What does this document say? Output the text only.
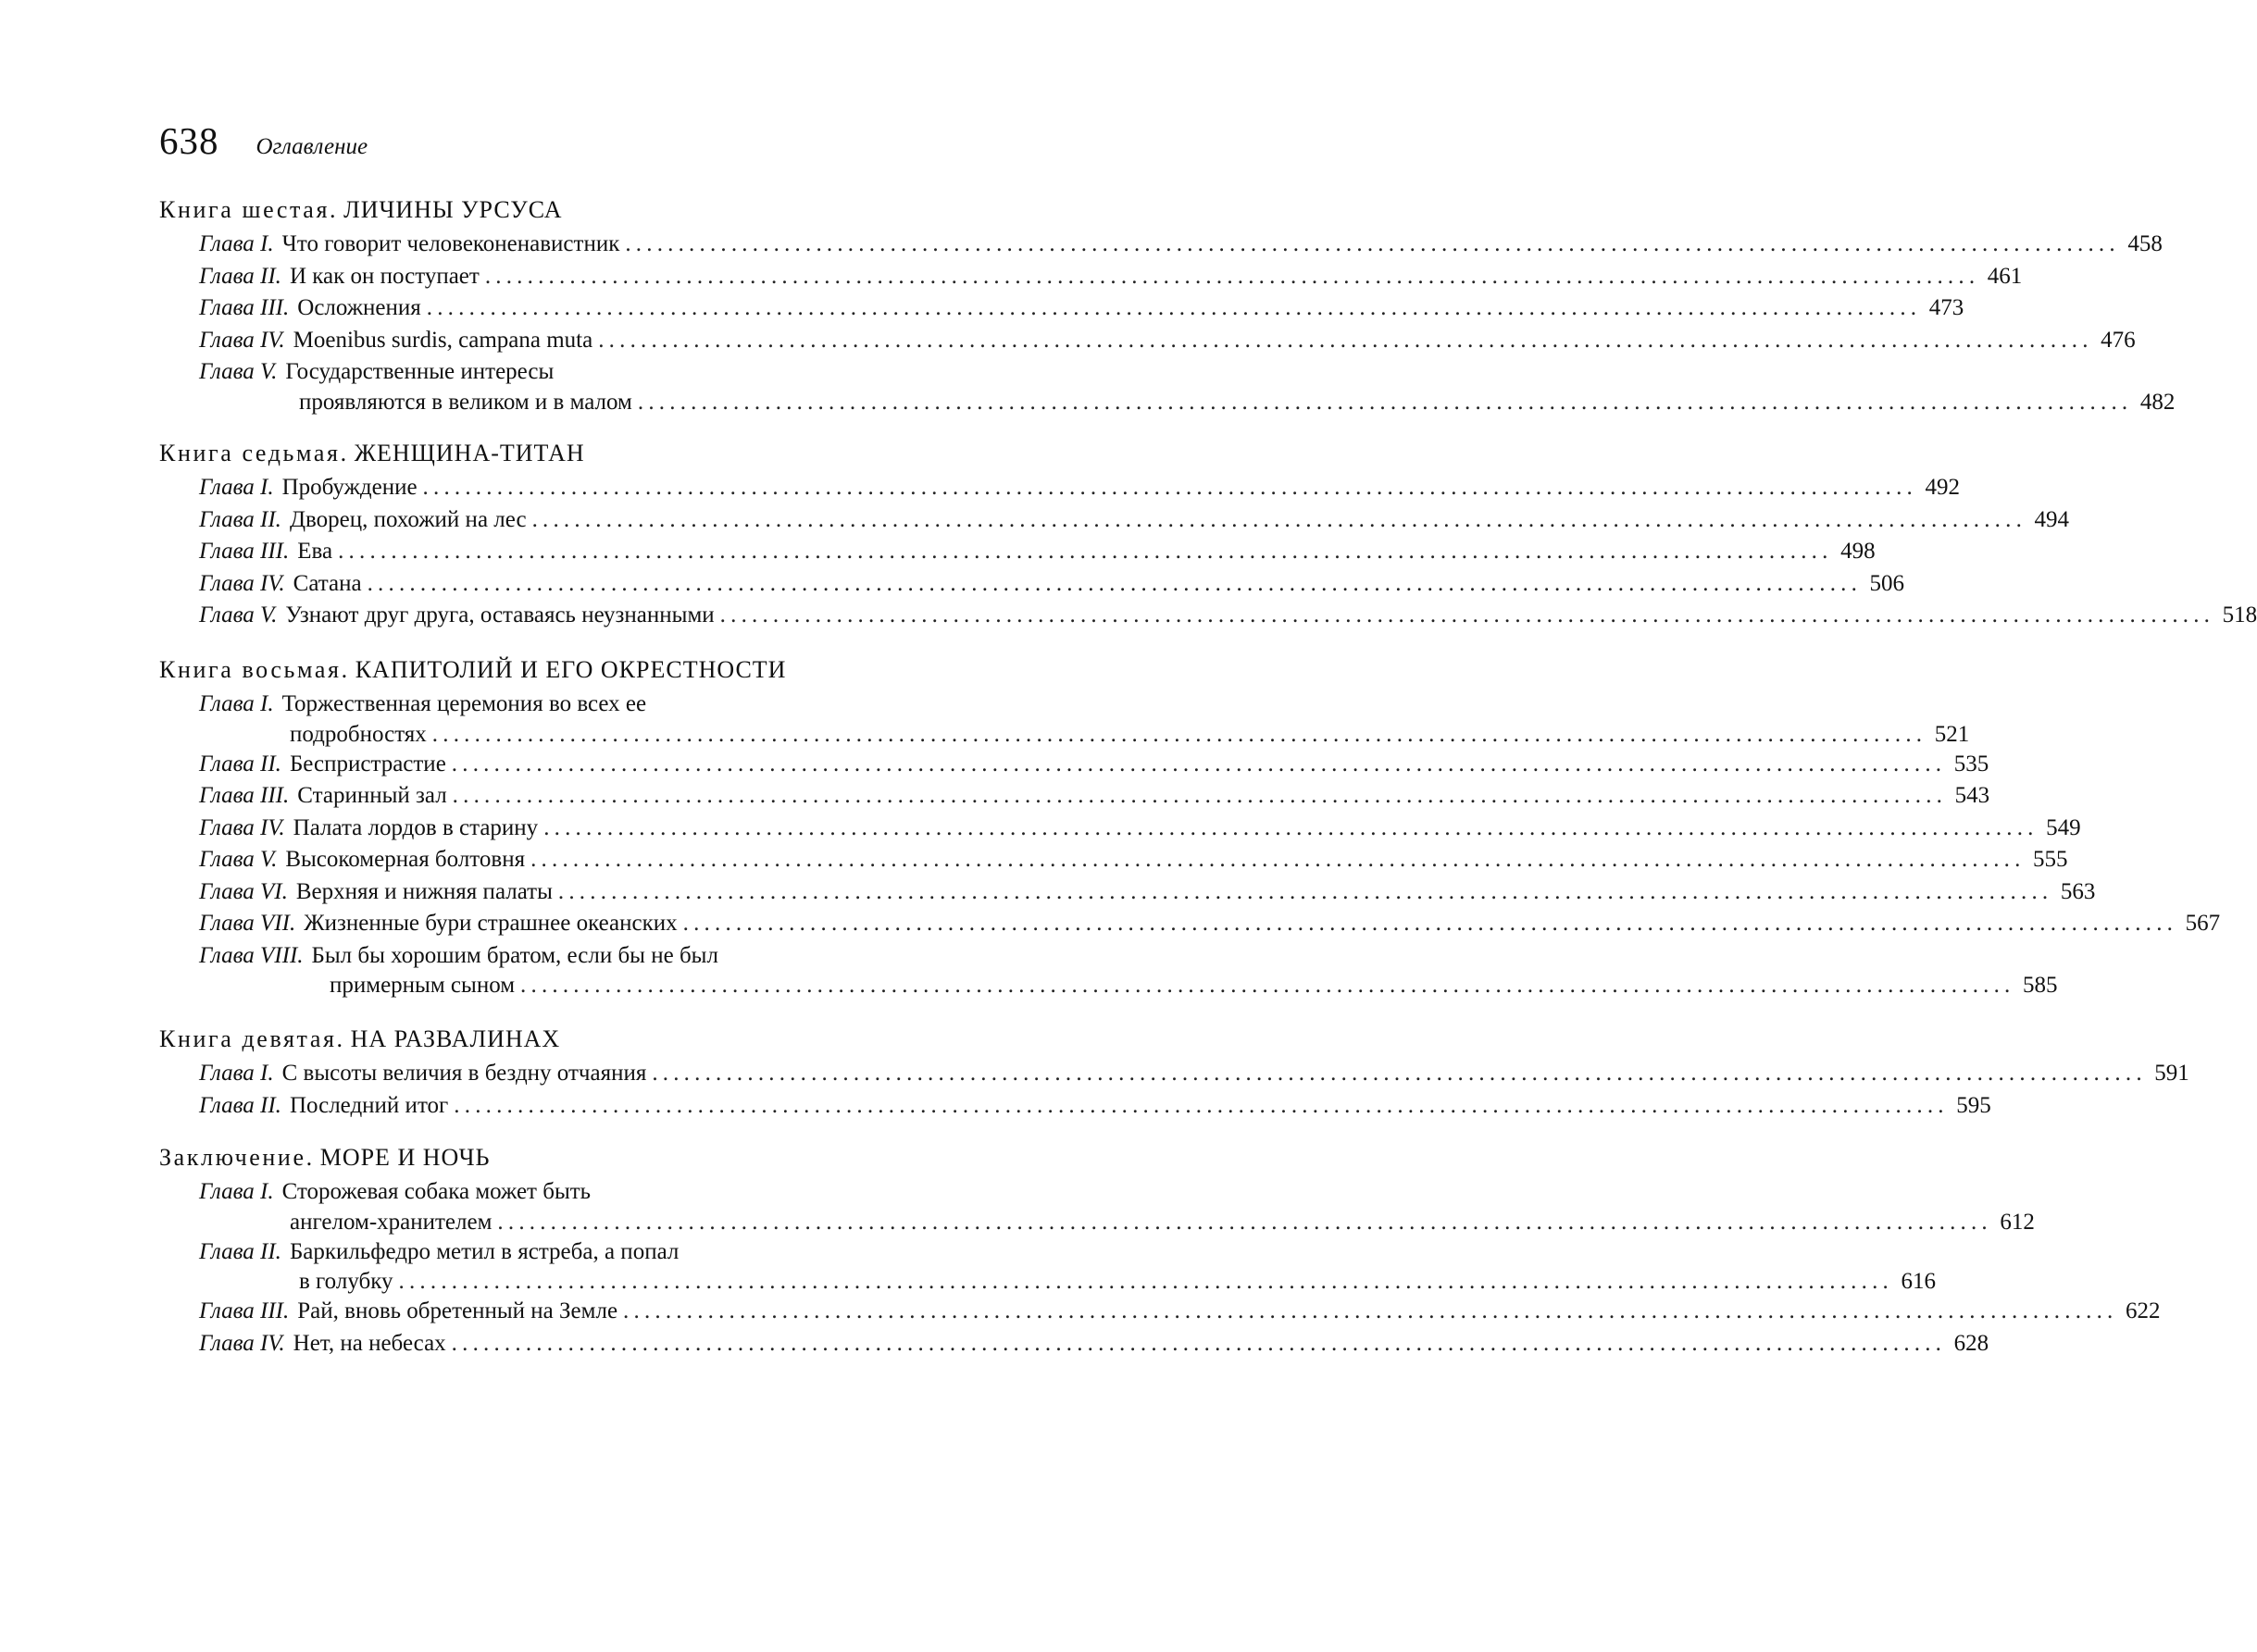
638 Оглавление
Книга шестая. ЛИЧИНЫ УРСУСА
Глава I. Что говорит человеконенавистник ............................................................................................................................................. 458
Глава II. И как он поступает ............................................................................................................................................. 461
Глава III. Осложнения ............................................................................................................................................. 473
Глава IV. Moenibus surdis, campana muta ............................................................................................................................................. 476
Глава V. Государственные интересы
проявляются в великом и в малом ............................................................................................................................................. 482
Книга седьмая. ЖЕНЩИНА-ТИТАН
Глава I. Пробуждение ............................................................................................................................................. 492
Глава II. Дворец, похожий на лес ............................................................................................................................................. 494
Глава III. Ева ............................................................................................................................................. 498
Глава IV. Сатана ............................................................................................................................................. 506
Глава V. Узнают друг друга, оставаясь неузнанными ............................................................................................................................................. 518
Книга восьмая. КАПИТОЛИЙ И ЕГО ОКРЕСТНОСТИ
Глава I. Торжественная церемония во всех ее
подробностях ............................................................................................................................................. 521
Глава II. Беспристрастие ............................................................................................................................................. 535
Глава III. Старинный зал ............................................................................................................................................. 543
Глава IV. Палата лордов в старину ............................................................................................................................................. 549
Глава V. Высокомерная болтовня ............................................................................................................................................. 555
Глава VI. Верхняя и нижняя палаты ............................................................................................................................................. 563
Глава VII. Жизненные бури страшнее океанских ............................................................................................................................................. 567
Глава VIII. Был бы хорошим братом, если бы не был
примерным сыном ............................................................................................................................................. 585
Книга девятая. НА РАЗВАЛИНАХ
Глава I. С высоты величия в бездну отчаяния ............................................................................................................................................. 591
Глава II. Последний итог ............................................................................................................................................. 595
Заключение. МОРЕ И НОЧЬ
Глава I. Сторожевая собака может быть
ангелом-хранителем ............................................................................................................................................. 612
Глава II. Баркильфедро метил в ястреба, а попал
в голубку ............................................................................................................................................. 616
Глава III. Рай, вновь обретенный на Земле ............................................................................................................................................. 622
Глава IV. Нет, на небесах ............................................................................................................................................. 628
